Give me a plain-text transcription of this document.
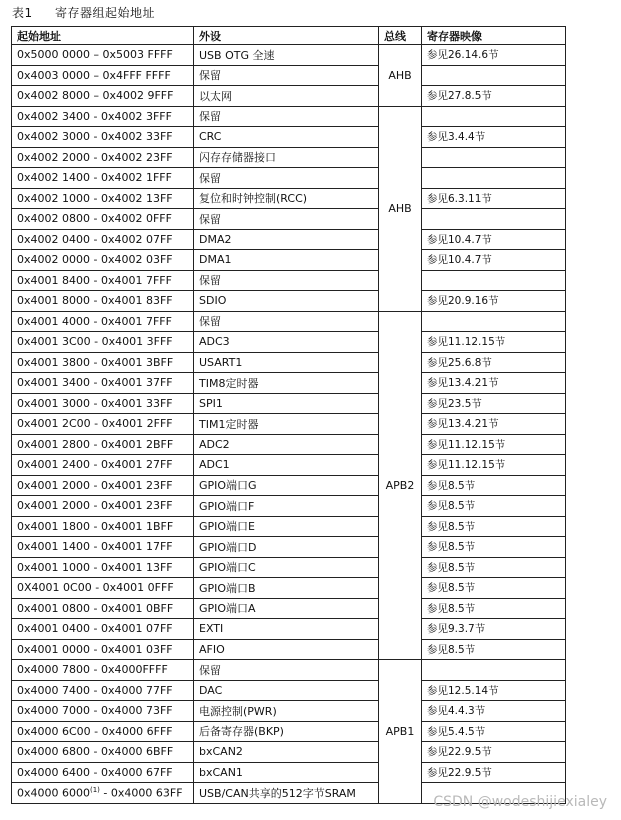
表1 寄存器组起始地址
起始地址	外设	总线	寄存器映像
0x5000 0000 – 0x5003 FFFF	USB OTG 全速	AHB	参见26.14.6节
0x4003 0000 – 0x4FFF FFFF	保留		
0x4002 8000 – 0x4002 9FFF	以太网		参见27.8.5节
0x4002 3400 - 0x4002 3FFF	保留	AHB	
0x4002 3000 - 0x4002 33FF	CRC		参见3.4.4节
0x4002 2000 - 0x4002 23FF	闪存存储器接口		
0x4002 1400 - 0x4002 1FFF	保留		
0x4002 1000 - 0x4002 13FF	复位和时钟控制(RCC)		参见6.3.11节
0x4002 0800 - 0x4002 0FFF	保留		
0x4002 0400 - 0x4002 07FF	DMA2		参见10.4.7节
0x4002 0000 - 0x4002 03FF	DMA1		参见10.4.7节
0x4001 8400 - 0x4001 7FFF	保留		
0x4001 8000 - 0x4001 83FF	SDIO		参见20.9.16节
0x4001 4000 - 0x4001 7FFF	保留	APB2	
0x4001 3C00 - 0x4001 3FFF	ADC3		参见11.12.15节
0x4001 3800 - 0x4001 3BFF	USART1		参见25.6.8节
0x4001 3400 - 0x4001 37FF	TIM8定时器		参见13.4.21节
0x4001 3000 - 0x4001 33FF	SPI1		参见23.5节
0x4001 2C00 - 0x4001 2FFF	TIM1定时器		参见13.4.21节
0x4001 2800 - 0x4001 2BFF	ADC2		参见11.12.15节
0x4001 2400 - 0x4001 27FF	ADC1		参见11.12.15节
0x4001 2000 - 0x4001 23FF	GPIO端口G		参见8.5节
0x4001 2000 - 0x4001 23FF	GPIO端口F		参见8.5节
0x4001 1800 - 0x4001 1BFF	GPIO端口E		参见8.5节
0x4001 1400 - 0x4001 17FF	GPIO端口D		参见8.5节
0x4001 1000 - 0x4001 13FF	GPIO端口C		参见8.5节
0X4001 0C00 - 0x4001 0FFF	GPIO端口B		参见8.5节
0x4001 0800 - 0x4001 0BFF	GPIO端口A		参见8.5节
0x4001 0400 - 0x4001 07FF	EXTI		参见9.3.7节
0x4001 0000 - 0x4001 03FF	AFIO		参见8.5节
0x4000 7800 - 0x4000FFFF	保留	APB1	
0x4000 7400 - 0x4000 77FF	DAC		参见12.5.14节
0x4000 7000 - 0x4000 73FF	电源控制(PWR)		参见4.4.3节
0x4000 6C00 - 0x4000 6FFF	后备寄存器(BKP)		参见5.4.5节
0x4000 6800 - 0x4000 6BFF	bxCAN2		参见22.9.5节
0x4000 6400 - 0x4000 67FF	bxCAN1		参见22.9.5节
0x4000 6000$^{(1)}$ - 0x4000 63FF	USB/CAN共享的512字节SRAM		
CSDN @wodeshijiexialey
